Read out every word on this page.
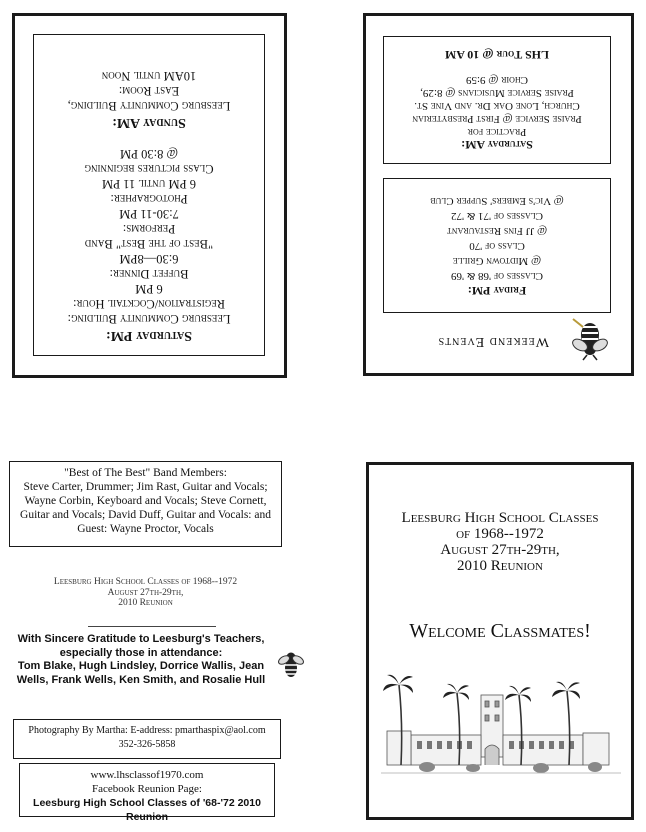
Saturday PM:
Leesburg Community Building:
Registration/Cocktail Hour:
6 PM
Buffet Dinner:
6:30—8PM
"Best of the Best" Band
Performs:
7:30-11 PM
Photographer:
6 PM until 11 PM
Class pictures beginning
@ 8:30 PM
Sunday AM:
Leesburg Community Building,
East Room:
10AM until Noon
Weekend Events
Friday PM:
Classes of '68 & '69
@ Midtown Grille
Class of '70
@ JJ Fins Restaurant
Classes of '71 & '72
@ Vic's Embers' Supper Club
Saturday AM:
Practice for
Praise Service @ First Presbyterian
Church, Lone Oak Dr. and Vine St.
Praise Service Musicians @ 8:29,
Choir @ 9:59
LHS Tour @ 10 AM
"Best of The Best" Band Members:
Steve Carter, Drummer; Jim Rast, Guitar and Vocals; Wayne Corbin, Keyboard and Vocals; Steve Cornett, Guitar and Vocals; David Duff, Guitar and Vocals: and Guest: Wayne Proctor, Vocals
Leesburg High School Classes of 1968--1972
August 27th-29th,
2010 Reunion
With Sincere Gratitude to Leesburg's Teachers,
especially those in attendance:
Tom Blake, Hugh Lindsley, Dorrice Wallis, Jean Wells, Frank Wells, Ken Smith, and Rosalie Hull
Photography By Martha: E-address: pmarthaspix@aol.com
352-326-5858
www.lhsclassof1970.com
Facebook Reunion Page:
Leesburg High School Classes of '68-'72 2010 Reunion
Leesburg High School Classes
of 1968--1972
August 27th-29th,
2010 Reunion
Welcome Classmates!
